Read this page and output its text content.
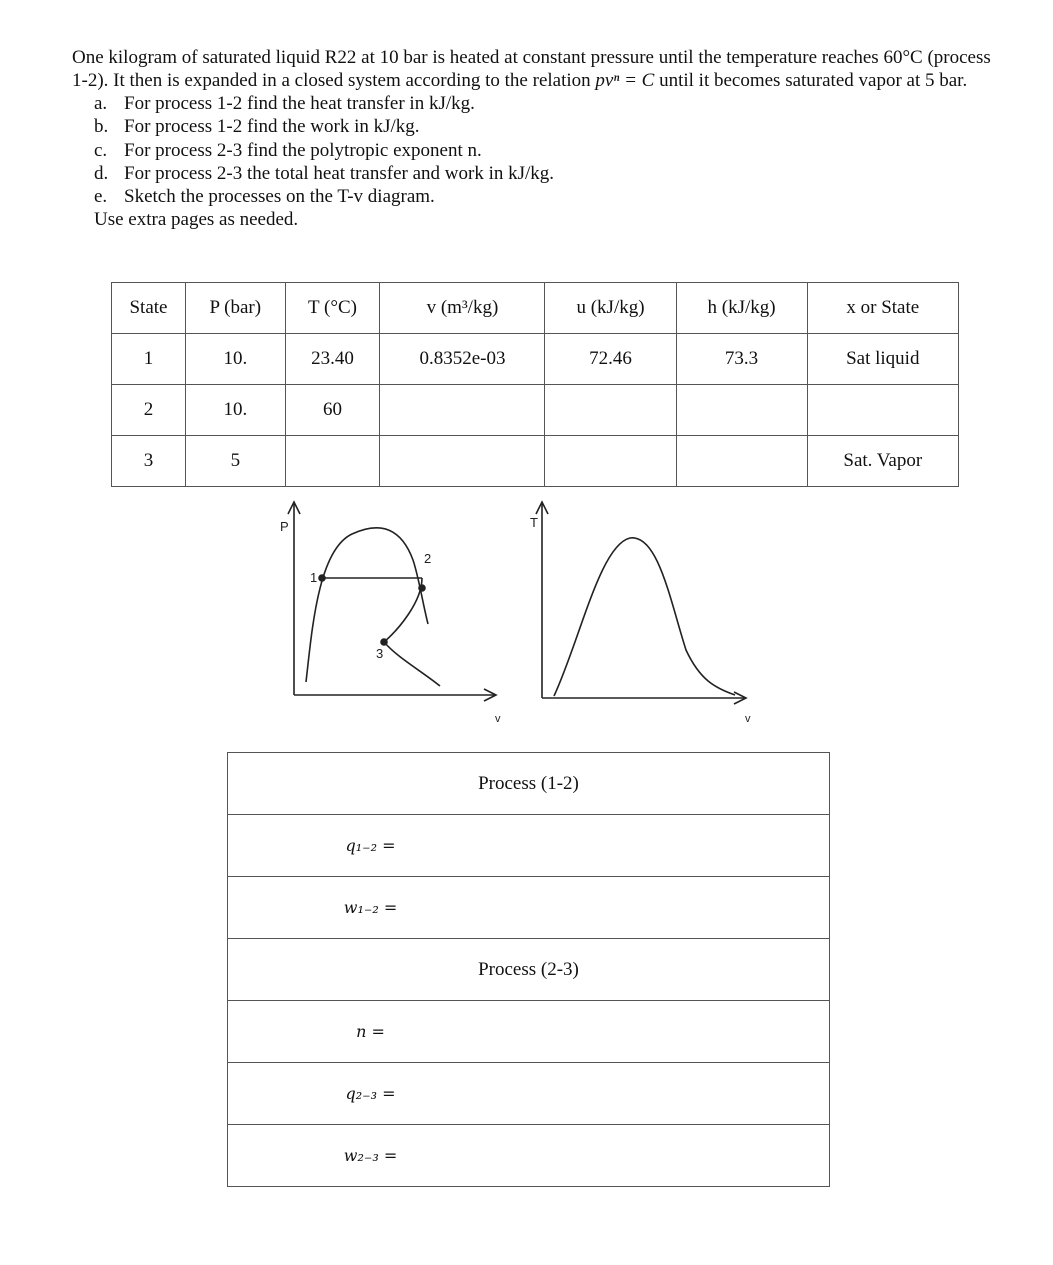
One kilogram of saturated liquid R22 at 10 bar is heated at constant pressure until the temperature reaches 60°C (process 1-2). It then is expanded in a closed system according to the relation pvⁿ = C until it becomes saturated vapor at 5 bar.

a. For process 1-2 find the heat transfer in kJ/kg.
b. For process 1-2 find the work in kJ/kg.
c. For process 2-3 find the polytropic exponent n.
d. For process 2-3 the total heat transfer and work in kJ/kg.
e. Sketch the processes on the T-v diagram.

Use extra pages as needed.

State	P (bar)	T (°C)	v (m³/kg)	u (kJ/kg)	h (kJ/kg)	x or State
1	10.	23.40	0.8352e-03	72.46	73.3	Sat liquid
2	10.	60				
3	5					Sat. Vapor
P
v
1
2
3
T
v
Process (1-2)
q₁₋₂ =
w₁₋₂ =
Process (2-3)
n =
q₂₋₃ =
w₂₋₃ =
